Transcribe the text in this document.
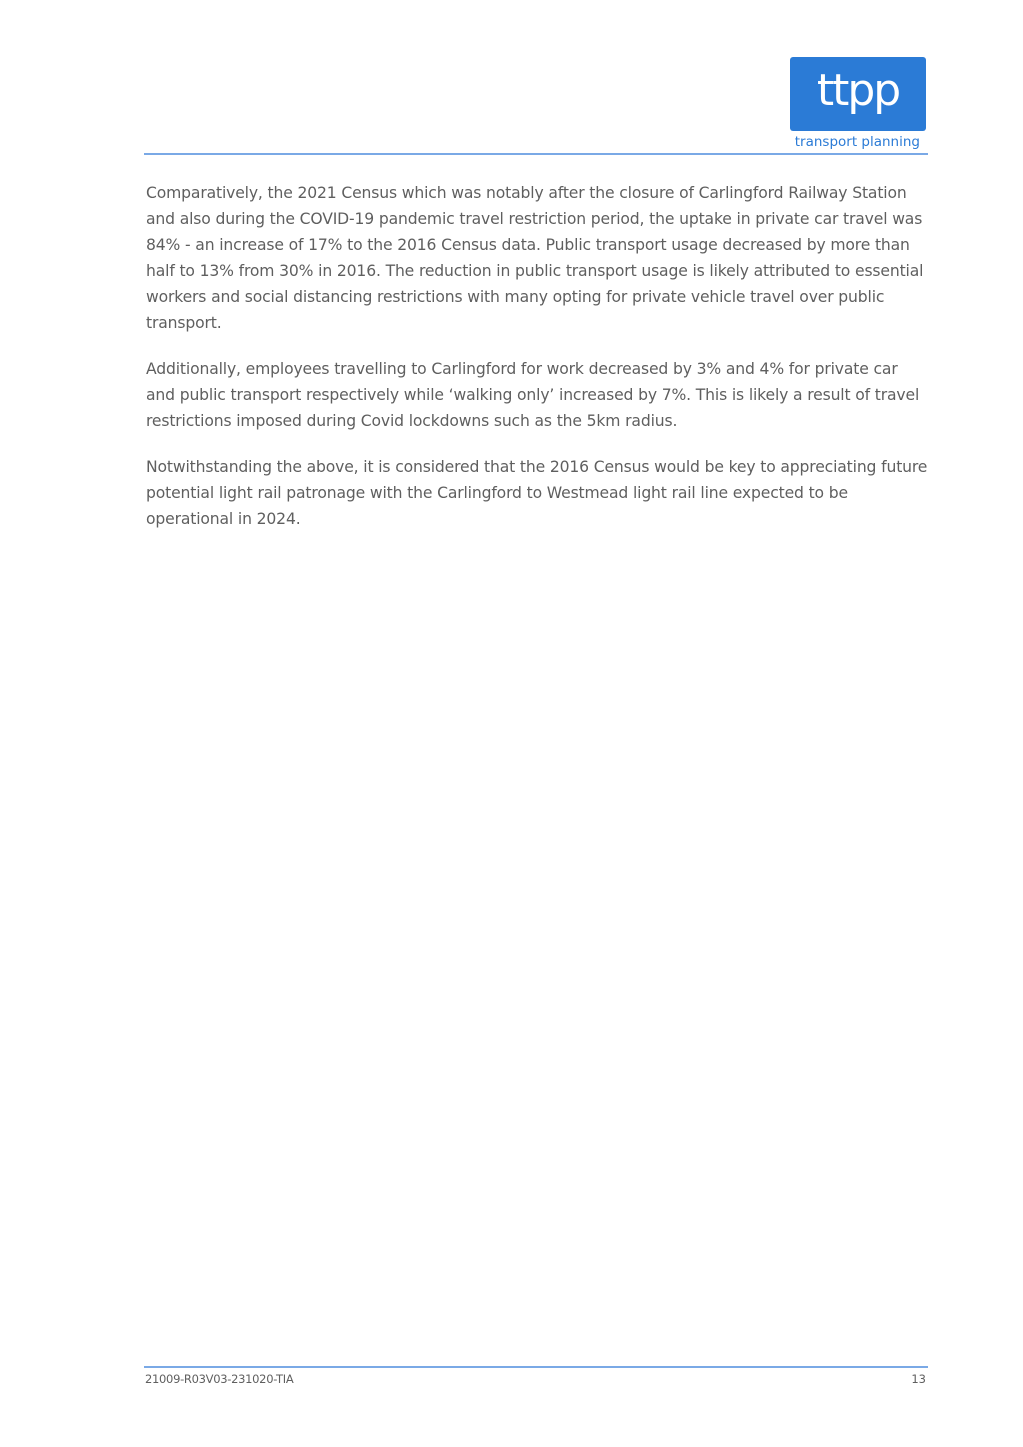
ttpp
transport planning

Comparatively, the 2021 Census which was notably after the closure of Carlingford Railway Station and also during the COVID-19 pandemic travel restriction period, the uptake in private car travel was 84% - an increase of 17% to the 2016 Census data. Public transport usage decreased by more than half to 13% from 30% in 2016. The reduction in public transport usage is likely attributed to essential workers and social distancing restrictions with many opting for private vehicle travel over public transport.

Additionally, employees travelling to Carlingford for work decreased by 3% and 4% for private car and public transport respectively while ‘walking only’ increased by 7%. This is likely a result of travel restrictions imposed during Covid lockdowns such as the 5km radius.

Notwithstanding the above, it is considered that the 2016 Census would be key to appreciating future potential light rail patronage with the Carlingford to Westmead light rail line expected to be operational in 2024.

21009-R03V03-231020-TIA	13
